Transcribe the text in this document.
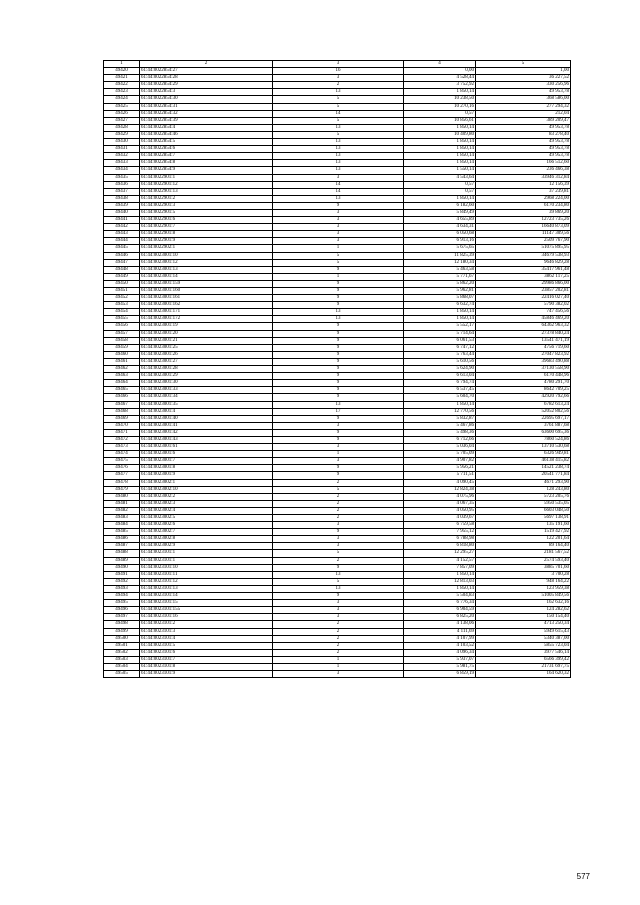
1	2	3	4	5
49420	61:44:0022854:27	16	0,00	1,00
49421	61:44:0022854:28	3	4 528,44	36 227,52
49422	61:44:0022854:29	2	3 752,92	330 256,96
49423	61:44:0022854:3	13	1 850,14	49 953,78
49424	61:44:0022854:30	5	10 238,50	368 586,00
49425	61:44:0022854:31	5	10 270,16	277 294,32
49426	61:44:0022854:32	14	0,57	212,04
49427	61:44:0022854:39	5	10 856,61	389 209,47
49428	61:44:0022854:4	13	1 850,14	49 953,78
49429	61:44:0022854:46	5	10 409,80	83 278,40
49430	61:44:0022854:5	13	1 850,14	49 953,78
49431	61:44:0022854:6	13	1 850,14	49 953,78
49432	61:44:0022854:7	13	1 850,14	49 953,78
49433	61:44:0022854:8	13	1 850,14	166 512,60
49434	61:44:0022854:9	13	1 550,14	236 466,38
49435	61:44:0022901:1	3	4 543,64	33946 312,84
49436	61:44:0022901:12	14	0,57	12 156,39
49437	61:44:0022901:13	14	0,57	37 239,81
49438	61:44:0022901:2	13	1 850,14	2968 224,00
49439	61:44:0022901:3	9	6 182,60	6170 234,80
49440	61:44:0022901:5	3	5 849,49	39 869,20
49441	61:44:0022901:6	3	4 655,89	12723 735,26
49442	61:44:0022901:7	3	4 634,31	16640 873,09
49443	61:44:0022901:8	3	6 050,68	11147 309,56
49444	61:44:0022901:9	3	6 913,16	2509 767,90
49445	61:44:0022902:1	1	5 675,65	51075 895,95
49446	61:44:0023001:10	5	11 825,39	34679 538,93
49447	61:44:0023001:12	5	12 180,34	9646 829,28
49448	61:44:0023001:13	9	5 463,58	35417 961,48
49449	61:44:0023001:14	1	5 771,67	3862 117,25
49450	61:44:0023001:159	9	5 862,20	29986 866,00
49451	61:44:0023001:160	9	5 962,81	23857 202,81
49452	61:44:0023001:161	9	5 868,07	22416 027,40
49453	61:44:0023001:162	9	6 632,74	5790 382,02
49454	61:44:0023001:171	13	1 850,14	747 456,56
49455	61:44:0023001:172	13	1 850,14	45846 469,20
49456	61:44:0023001:19	9	5 552,17	64362 963,32
49457	61:44:0023001:20	9	5 714,64	27378 840,24
49458	61:44:0023001:21	9	6 061,53	13541 471,19
49459	61:44:0023001:25	9	6 747,12	4756 719,60
49460	61:44:0023001:26	9	5 763,44	27047 823,92
49461	61:44:0023001:27	9	5 610,56	39683 490,88
49462	61:44:0023001:28	9	5 624,90	37130 558,90
49463	61:44:0023001:29	9	6 613,04	6170 448,96
49464	61:44:0023001:30	9	6 794,74	4780 291,70
49465	61:44:0023001:33	9	6 537,45	8642 709,25
49466	61:44:0023001:34	9	5 604,70	42920 792,66
49467	61:44:0023001:35	13	1 850,14	6782 613,24
49468	61:44:0023001:4	17	12 770,56	52052 802,56
49469	61:44:0023001:40	9	5 832,87	22695 697,17
49470	61:44:0023001:41	3	5 467,86	3761 887,68
49471	61:44:0023001:42	9	5 498,36	63600 695,36
49472	61:44:0023001:43	9	6 712,66	7860 524,86
49473	61:44:0023001:61	3	5 036,04	13710 530,68
49474	61:44:0023001:6	1	5 705,09	6326 949,81
49475	61:44:0023001:7	3	4 907,82	46138 415,82
49476	61:44:0023001:8	9	5 956,21	14521 238,74
49477	61:44:0023001:9	9	5 711,51	20541 771,84
49478	61:44:0023002:1	2	4 090,45	4671 293,90
49479	61:44:0023002:10	5	12 824,38	128 243,80
49480	61:44:0023002:2	2	4 075,96	5723 205,76
49481	61:44:0023002:3	2	4 067,35	5950 535,05
49482	61:44:0023002:4	2	4 050,95	6603 048,50
49483	61:44:0023002:5	2	4 039,67	5697 138,91
49484	61:44:0023002:6	3	6 759,58	135 191,60
49485	61:44:0023002:7	9	7 955,12	1519 427,92
49486	61:44:0023002:8	3	6 788,98	122 201,64
49487	61:44:0023002:9	3	6 818,80	89 164,40
49488	61:44:0023101:1	5	12 295,27	2181 567,52
49489	61:44:0023101:1	2	4 152,57	2574 593,40
49490	61:44:0023101:10	9	7 857,09	3885 701,60
49491	61:44:0023101:11	13	1 850,14	3 700,28
49492	61:44:0023101:12	5	12 813,03	948 164,22
49493	61:44:0023101:13	13	1 850,14	123 959,38
49494	61:44:0023101:14	9	5 504,83	51005 849,56
49495	61:44:0023101:15	3	6 776,34	162 632,16
49496	61:44:0023101:155	3	6 904,59	124 282,62
49497	61:44:0023101:16	3	6 825,20	150 154,40
49498	61:44:0023101:2	2	4 138,06	4713 250,34
49499	61:44:0023101:3	2	4 111,69	5949 615,43
49500	61:44:0023101:4	2	4 107,99	5340 387,00
49501	61:44:0023101:5	2	4 103,52	5855 723,04
49502	61:44:0023101:6	2	4 096,34	3977 546,14
49503	61:44:0023101:7	1	5 937,07	6566 399,42
49504	61:44:0023101:8	1	5 981,75	21731 697,75
49505	61:44:0023101:9	3	6 859,19	164 620,32
577
